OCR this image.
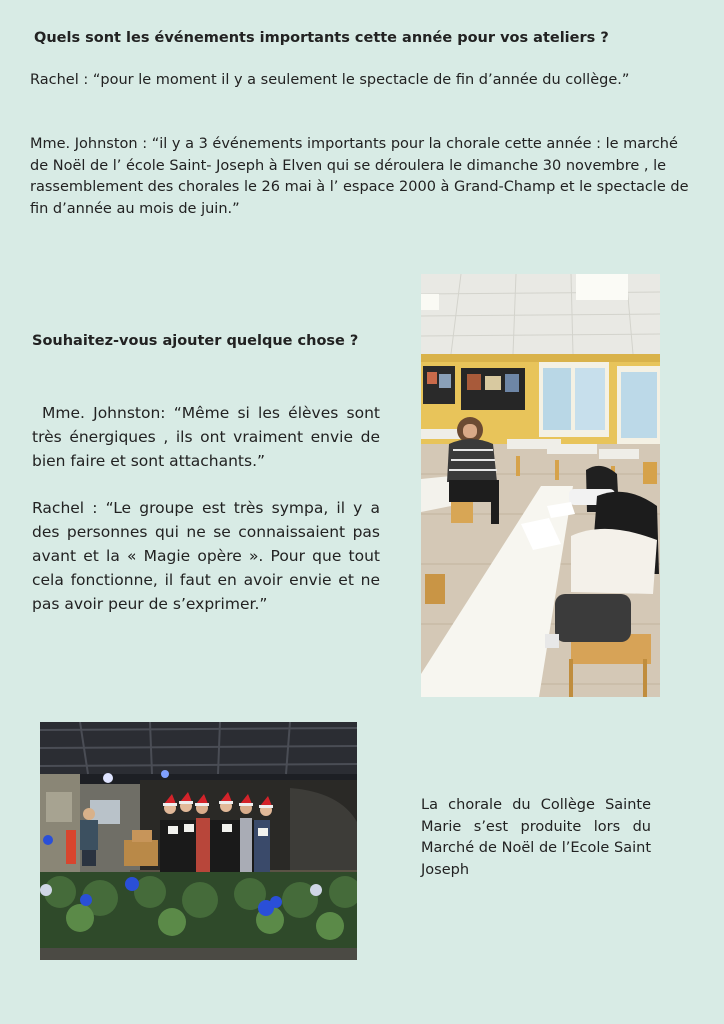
Quels sont les événements importants cette année pour vos ateliers ?

Rachel : “pour le moment il y a seulement le spectacle de fin d’année du collège.”

Mme. Johnston : “il y a 3 événements importants pour la chorale cette année : le marché de Noël de l’ école Saint- Joseph à Elven qui se déroulera le dimanche 30 novembre , le rassemblement des chorales le 26 mai à l’ espace 2000 à Grand-Champ et le spectacle de fin d’année au mois de juin.”

Souhaitez-vous ajouter quelque chose ?

Mme. Johnston: “Même si les élèves sont très énergiques , ils ont vraiment envie de bien faire et sont attachants.”

Rachel : “Le groupe est très sympa, il y a des personnes qui ne se connaissaient pas avant et la « Magie opère ». Pour que tout cela fonctionne, il faut en avoir envie et ne pas avoir peur de s’exprimer.”

La chorale du Collège Sainte Marie s’est produite lors du Marché de Noël de l’Ecole Saint Joseph
